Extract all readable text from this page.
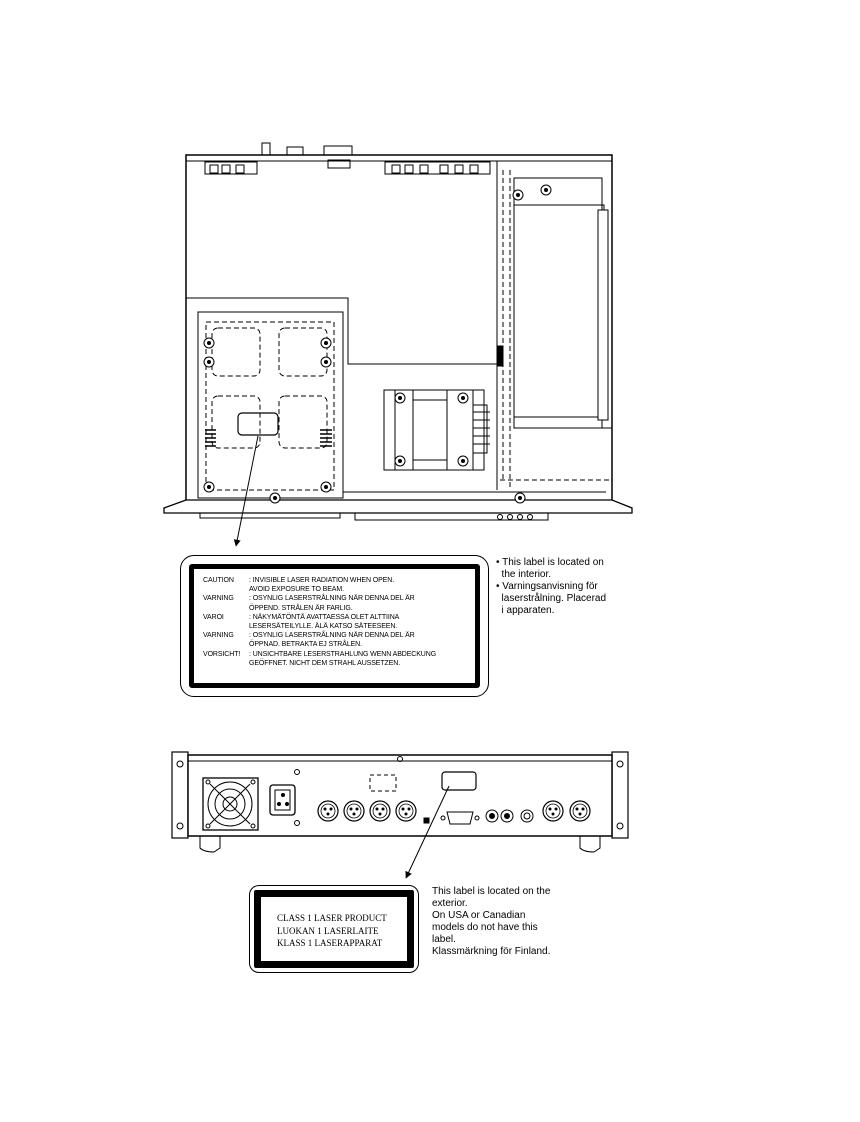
CAUTION	: INVISIBLE LASER RADIATION WHEN OPEN.
AVOID EXPOSURE TO BEAM.
VARNING	: OSYNLIG LASERSTRÅLNING NÄR DENNA DEL ÄR
ÖPPEND. STRÅLEN ÄR FARLIG.
VAROI	: NÄKYMÄTÖNTÄ AVATTAESSA OLET ALTTIINA
LESERSÄTEILYLLE. ÄLÄ KATSO SÄTEESEEN.
VARNING	: OSYNLIG LASERSTRÅLNING NÄR DENNA DEL ÄR
ÖPPNAD. BETRAKTA EJ STRÅLEN.
VORSICHT!	: UNSICHTBARE LESERSTRAHLUNG WENN ABDECKUNG
GEÖFFNET. NICHT DEM STRAHL AUSSETZEN.
• This label is located on
the interior.
• Varningsanvisning för
laserstrålning. Placerad
i apparaten.
CLASS 1 LASER PRODUCT
LUOKAN 1 LASERLAITE
KLASS 1 LASERAPPARAT
This label is located on the
exterior.
On USA or Canadian
models do not have this
label.
Klassmärkning för Finland.
